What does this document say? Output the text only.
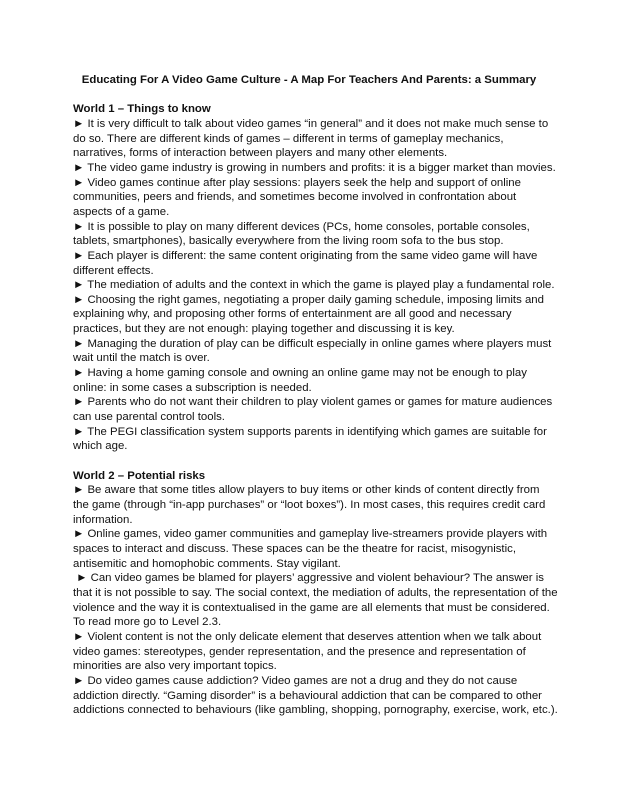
Educating For A Video Game Culture - A Map For Teachers And Parents: a Summary
World 1 – Things to know
► It is very difficult to talk about video games “in general” and it does not make much sense to
do so. There are different kinds of games – different in terms of gameplay mechanics,
narratives, forms of interaction between players and many other elements.
► The video game industry is growing in numbers and profits: it is a bigger market than movies.
► Video games continue after play sessions: players seek the help and support of online
communities, peers and friends, and sometimes become involved in confrontation about
aspects of a game.
► It is possible to play on many different devices (PCs, home consoles, portable consoles,
tablets, smartphones), basically everywhere from the living room sofa to the bus stop.
► Each player is different: the same content originating from the same video game will have
different effects.
► The mediation of adults and the context in which the game is played play a fundamental role.
► Choosing the right games, negotiating a proper daily gaming schedule, imposing limits and
explaining why, and proposing other forms of entertainment are all good and necessary
practices, but they are not enough: playing together and discussing it is key.
► Managing the duration of play can be difficult especially in online games where players must
wait until the match is over.
► Having a home gaming console and owning an online game may not be enough to play
online: in some cases a subscription is needed.
► Parents who do not want their children to play violent games or games for mature audiences
can use parental control tools.
► The PEGI classification system supports parents in identifying which games are suitable for
which age.
World 2 – Potential risks
► Be aware that some titles allow players to buy items or other kinds of content directly from
the game (through “in-app purchases” or “loot boxes”). In most cases, this requires credit card
information.
► Online games, video gamer communities and gameplay live-streamers provide players with
spaces to interact and discuss. These spaces can be the theatre for racist, misogynistic,
antisemitic and homophobic comments. Stay vigilant.
► Can video games be blamed for players’ aggressive and violent behaviour? The answer is
that it is not possible to say. The social context, the mediation of adults, the representation of the
violence and the way it is contextualised in the game are all elements that must be considered.
To read more go to Level 2.3.
► Violent content is not the only delicate element that deserves attention when we talk about
video games: stereotypes, gender representation, and the presence and representation of
minorities are also very important topics.
► Do video games cause addiction? Video games are not a drug and they do not cause
addiction directly. “Gaming disorder” is a behavioural addiction that can be compared to other
addictions connected to behaviours (like gambling, shopping, pornography, exercise, work, etc.).
